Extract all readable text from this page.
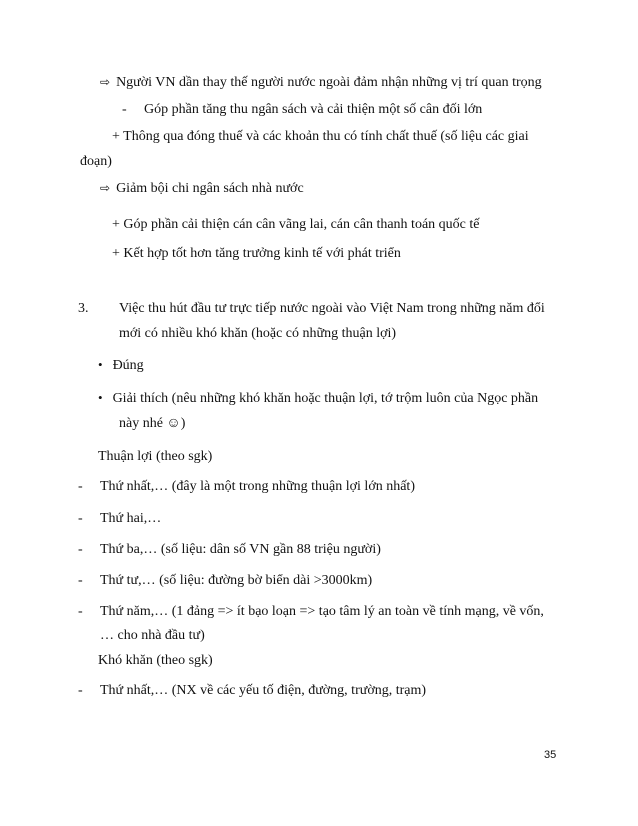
⇨ Người VN dần thay thế người nước ngoài đảm nhận những vị trí quan trọng

- Góp phần tăng thu ngân sách và cải thiện một số cân đối lớn

+ Thông qua đóng thuế và các khoản thu có tính chất thuế (số liệu các giai

đoạn)

⇨ Giảm bội chi ngân sách nhà nước

+ Góp phần cải thiện cán cân vãng lai, cán cân thanh toán quốc tế

+ Kết hợp tốt hơn tăng trưởng kinh tế với phát triển

3. Việc thu hút đầu tư trực tiếp nước ngoài vào Việt Nam trong những năm đổi

mới có nhiều khó khăn (hoặc có những thuận lợi)

• Đúng

• Giải thích (nêu những khó khăn hoặc thuận lợi, tớ trộm luôn của Ngọc phần

này nhé ☺)

Thuận lợi (theo sgk)

- Thứ nhất,… (đây là một trong những thuận lợi lớn nhất)

- Thứ hai,…

- Thứ ba,… (số liệu: dân số VN gần 88 triệu người)

- Thứ tư,… (số liệu: đường bờ biển dài >3000km)

- Thứ năm,… (1 đảng => ít bạo loạn => tạo tâm lý an toàn về tính mạng, về vốn,

… cho nhà đầu tư)

Khó khăn (theo sgk)

- Thứ nhất,… (NX về các yếu tố điện, đường, trường, trạm)

35
